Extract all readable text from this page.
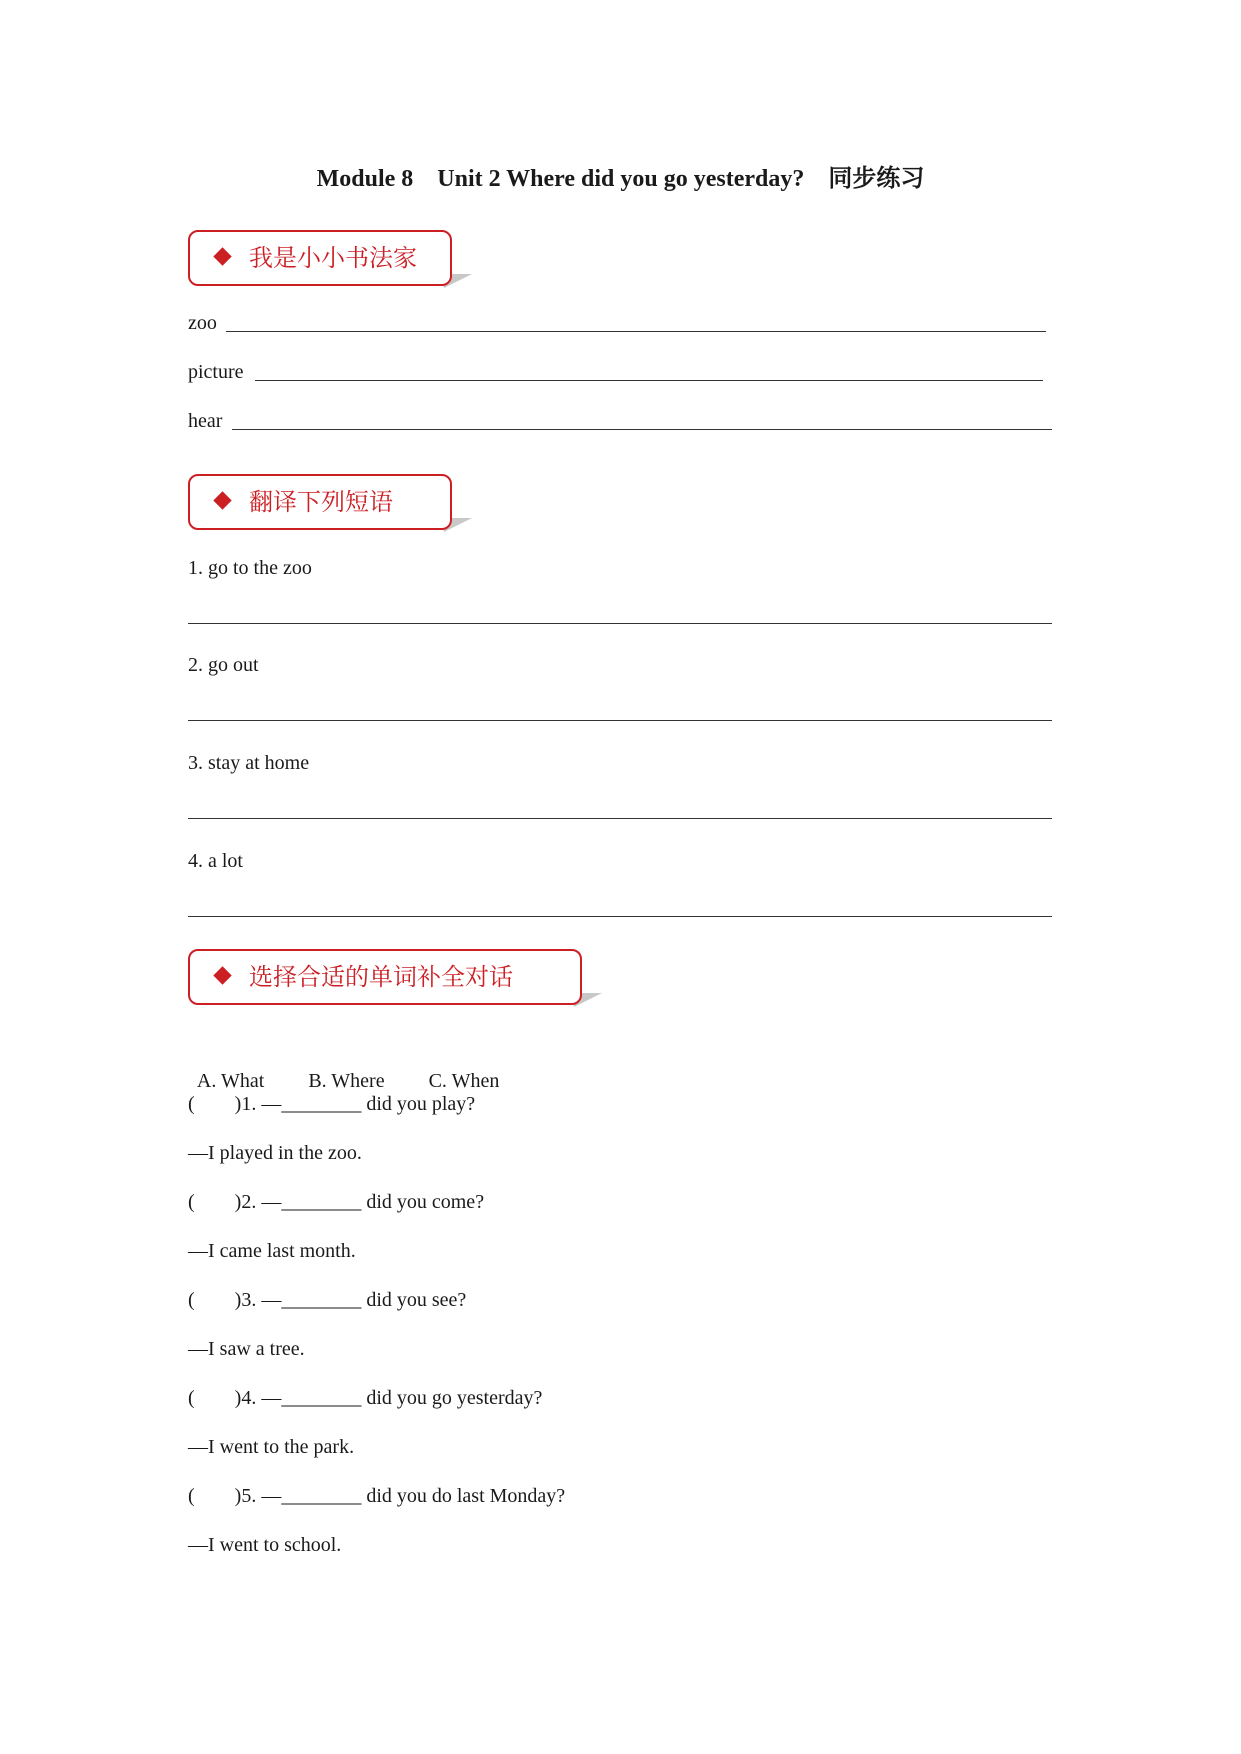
Module 8    Unit 2 Where did you go yesterday?    同步练习
我是小小书法家
zoo
picture
hear
翻译下列短语
1. go to the zoo
2. go out
3. stay at home
4. a lot
选择合适的单词补全对话

A. What B. Where C. When

(        )1. —________ did you play?
—I played in the zoo.
(        )2. —________ did you come?
—I came last month.
(        )3. —________ did you see?
—I saw a tree.
(        )4. —________ did you go yesterday?
—I went to the park.
(        )5. —________ did you do last Monday?
—I went to school.
